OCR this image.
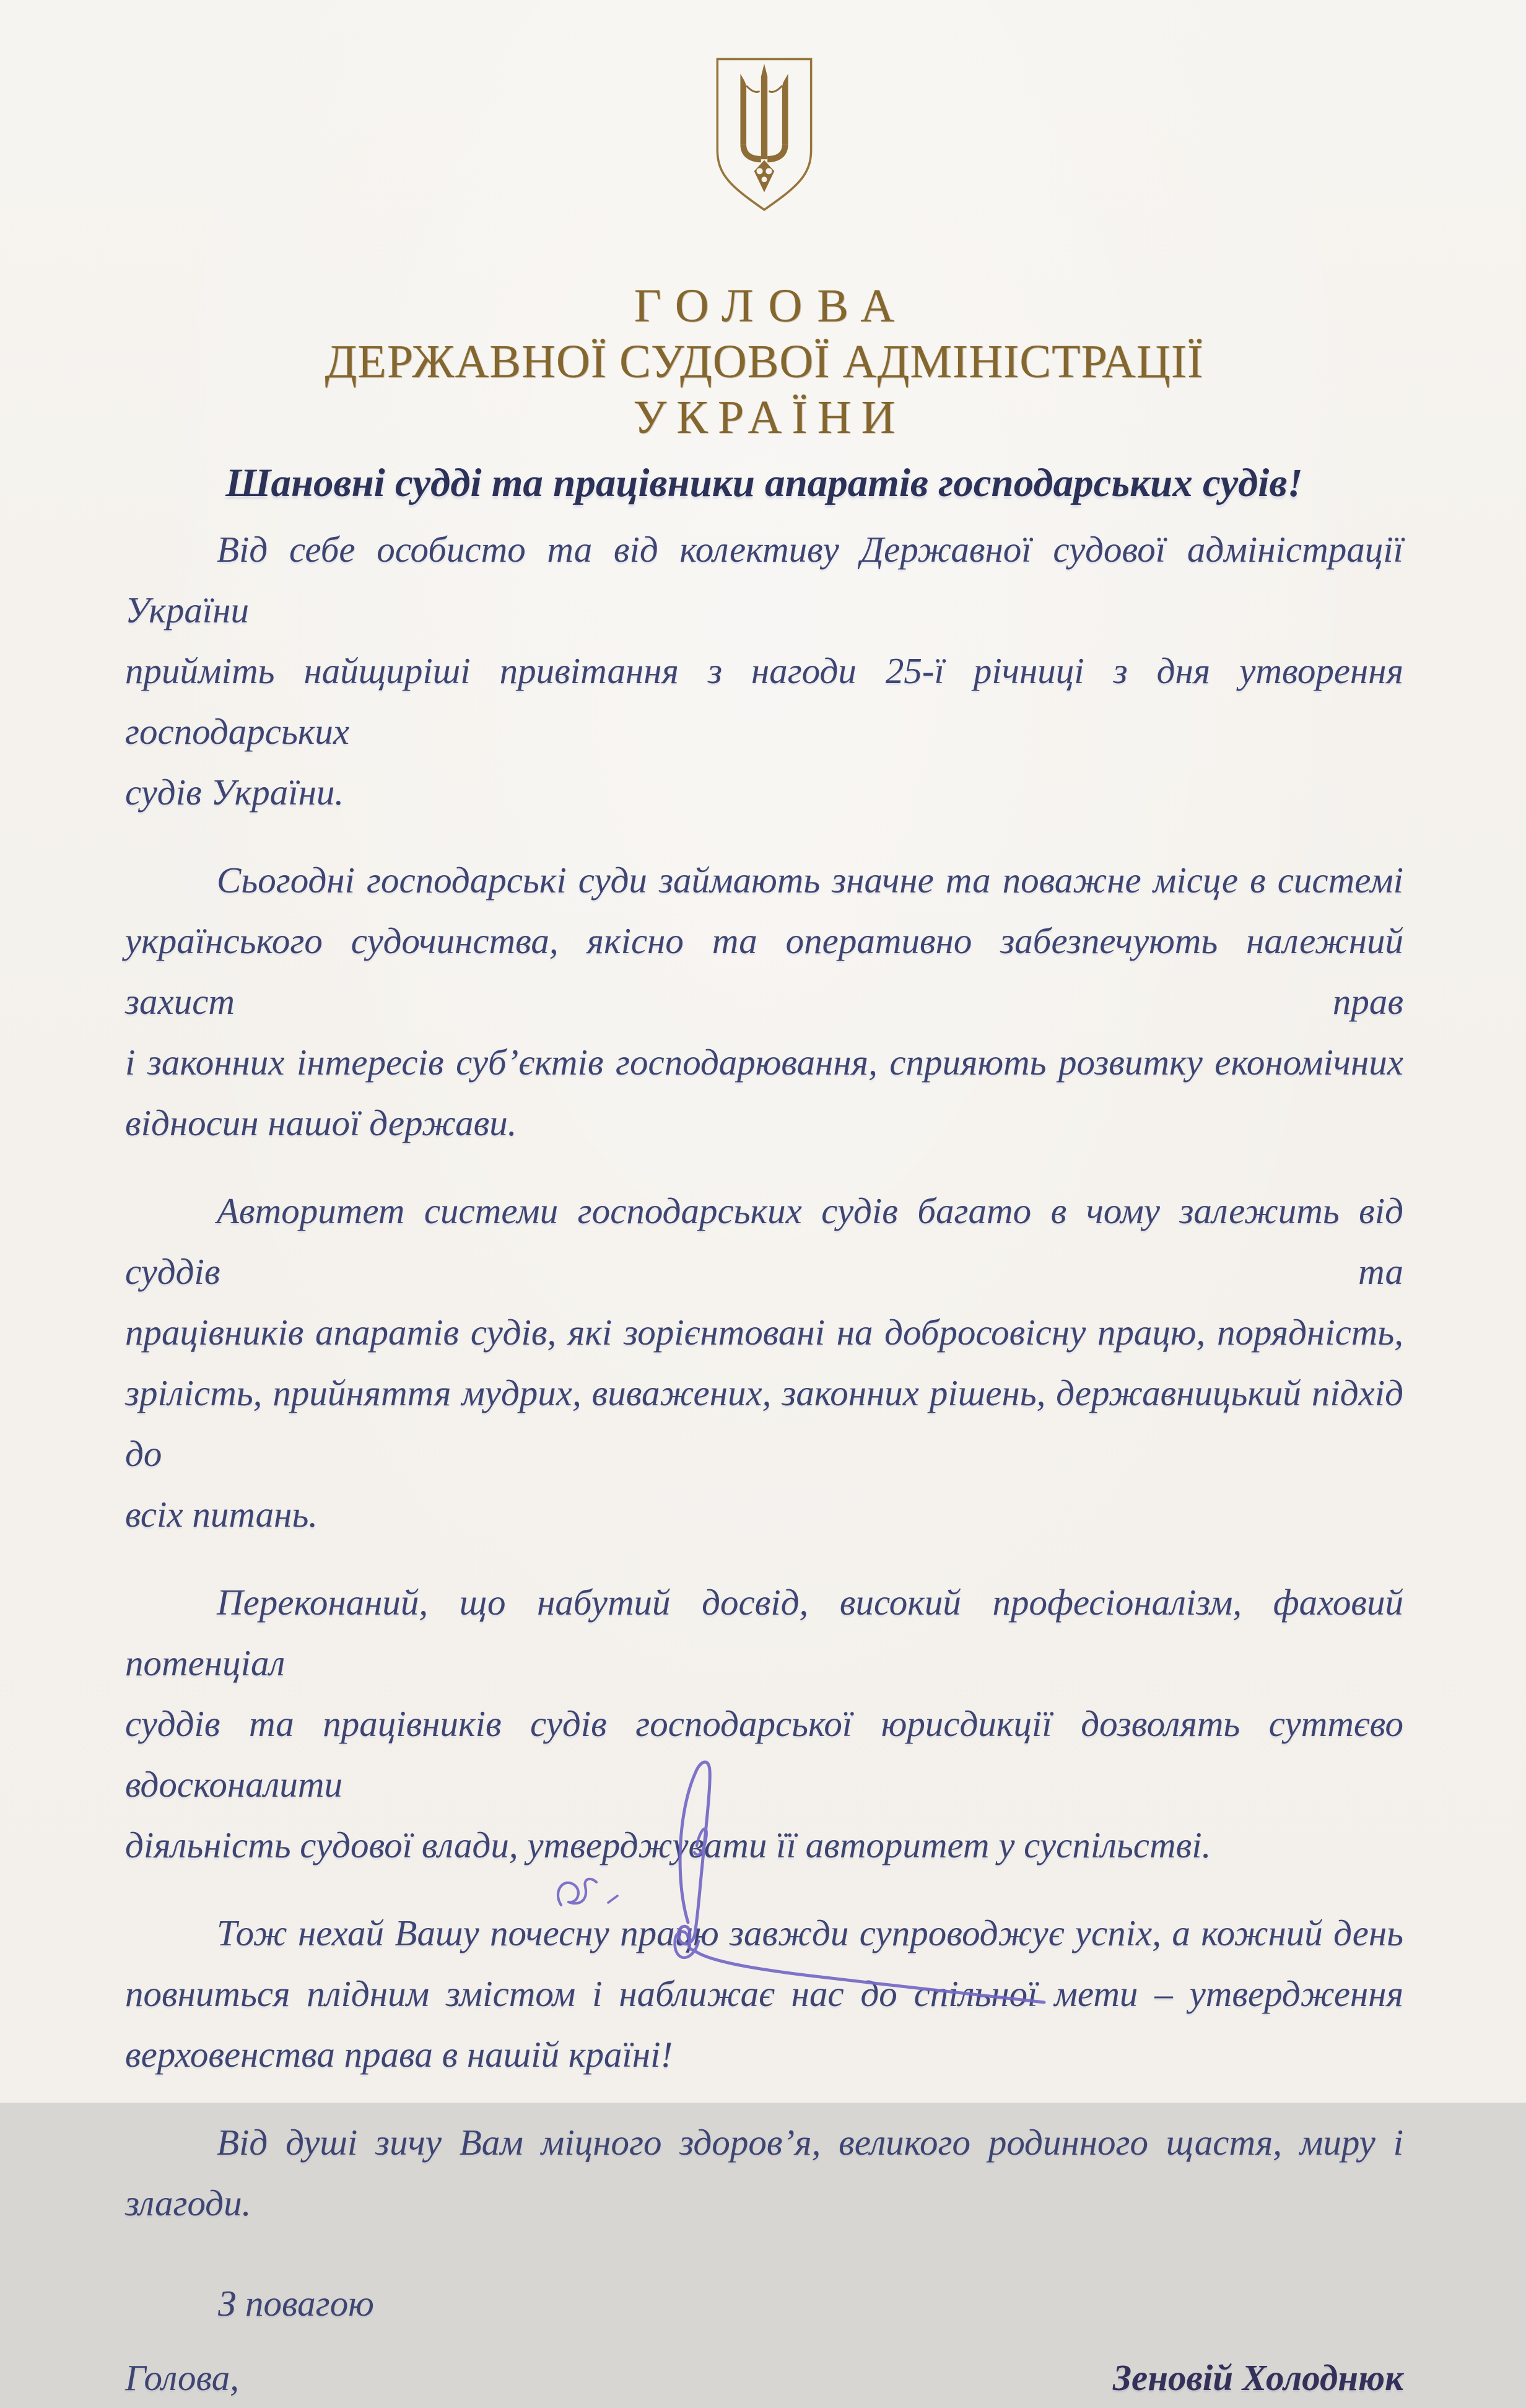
ГОЛОВА
ДЕРЖАВНОЇ СУДОВОЇ АДМІНІСТРАЦІЇ
УКРАЇНИ
Шановні судді та працівники апаратів господарських судів!
Від себе особисто та від колективу Державної судової адміністрації України
прийміть найщиріші привітання з нагоди 25-ї річниці з дня утворення господарських
судів України.
Сьогодні господарські суди займають значне та поважне місце в системі
українського судочинства, якісно та оперативно забезпечують належний захист прав
і законних інтересів суб’єктів господарювання, сприяють розвитку економічних
відносин нашої держави.
Авторитет системи господарських судів багато в чому залежить від суддів та
працівників апаратів судів, які зорієнтовані на добросовісну працю, порядність,
зрілість, прийняття мудрих, виважених, законних рішень, державницький підхід до
всіх питань.
Переконаний, що набутий досвід, високий професіоналізм, фаховий потенціал
суддів та працівників судів господарської юрисдикції дозволять суттєво вдосконалити
діяльність судової влади, утверджувати її авторитет у суспільстві.
Тож нехай Вашу почесну працю завжди супроводжує успіх, а кожний день
повниться плідним змістом і наближає нас до спільної мети – утвердження
верховенства права в нашій країні!
Від душі зичу Вам міцного здоров’я, великого родинного щастя, миру і
злагоди.
З повагою
Голова,	Зеновій Холоднюк
